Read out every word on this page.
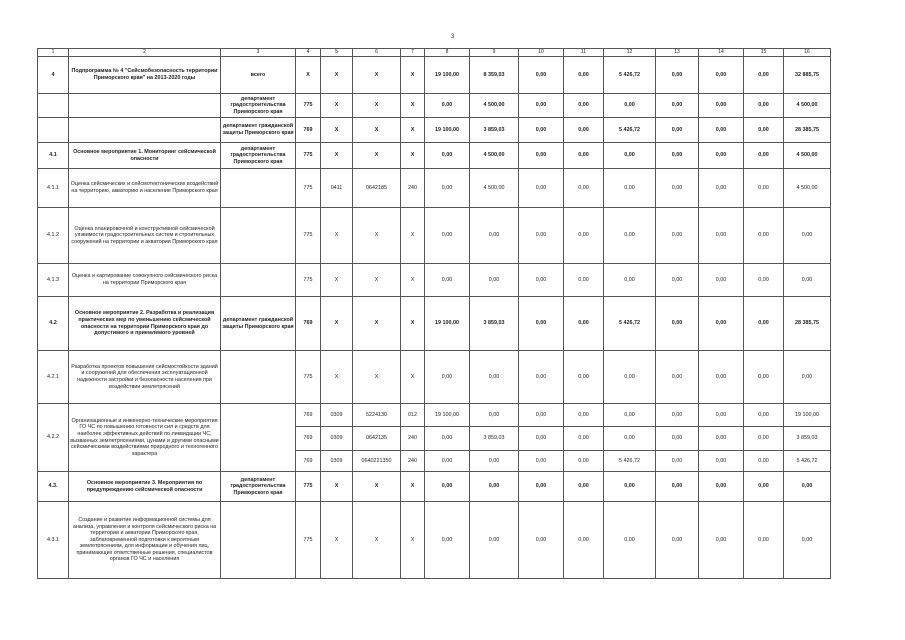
3
1	2	3	4	5	6	7	8	9	10	11	12	13	14	15	16
4	Подпрограмма № 4 "Сейсмобезопасность территории Приморского края" на 2013-2020 годы	всего	X	X	X	X	19 100,00	8 359,03	0,00	0,00	5 426,72	0,00	0,00	0,00	32 885,75
		департамент градостроительства Приморского края	775	X	X	X	0,00	4 500,00	0,00	0,00	0,00	0,00	0,00	0,00	4 500,00
		департамент гражданской защиты Приморского края	769	X	X	X	19 100,00	3 859,03	0,00	0,00	5 426,72	0,00	0,00	0,00	28 385,75
4.1	Основное мероприятие 1. Мониторинг сейсмической опасности	департамент градостроительства Приморского края	775	X	X	X	0,00	4 500,00	0,00	0,00	0,00	0,00	0,00	0,00	4 500,00
4.1.1	Оценка сейсмических и сейсмотектонических воздействий на территорию, акваторию и население Приморского края		775	0411	0642185	240	0,00	4 500,00	0,00	0,00	0,00	0,00	0,00	0,00	4 500,00
4.1.2	Оценка планировочной и конструктивной сейсмической уязвимости градостроительных систем и строительных сооружений на территории и акватории Приморского края		775	X	X	X	0,00	0,00	0,00	0,00	0,00	0,00	0,00	0,00	0,00
4.1.3	Оценка и картирование совокупного сейсмического риска на территории Приморского края		775	X	X	X	0,00	0,00	0,00	0,00	0,00	0,00	0,00	0,00	0,00
4.2	Основное мероприятие 2. Разработка и реализация практических мер по уменьшению сейсмической опасности на территории Приморского края до допустимого и приемлемого уровней	департамент гражданской защиты Приморского края	769	X	X	X	19 100,00	3 859,03	0,00	0,00	5 426,72	0,00	0,00	0,00	28 385,75
4.2.1	Разработка проектов повышения сейсмостойкости зданий и сооружений для обеспечения эксплуатационной надежности застройки и безопасности населения при воздействии землетрясений		775	X	X	X	0,00	0,00	0,00	0,00	0,00	0,00	0,00	0,00	0,00
4.2.2	Организационные и инженерно-технические мероприятия ГО ЧС по повышению готовности сил и средств для наиболее эффективных действий по ликвидации ЧС, вызванных землетрясениями, цунами и другими опасными сейсмическими воздействиями природного и техногенного характера		769	0309	5224130	012	19 100,00	0,00	0,00	0,00	0,00	0,00	0,00	0,00	19 100,00
			769	0309	0642135	240	0,00	3 859,03	0,00	0,00	0,00	0,00	0,00	0,00	3 859,03
			769	0309	0640221350	240	0,00	0,00	0,00	0,00	5 426,72	0,00	0,00	0,00	5 426,72
4.3.	Основное мероприятие 3. Мероприятия по предупреждению сейсмической опасности	департамент градостроительства Приморского края	775	X	X	X	0,00	0,00	0,00	0,00	0,00	0,00	0,00	0,00	0,00
4.3.1	Создание и развитие информационной системы для анализа, управления и контроля сейсмического риска на территории и акватории Приморского края, заблаговременной подготовки к вероятным землетрясениям, для информации и обучения лиц, принимающих ответственные решения, специалистов органов ГО ЧС и населения		775	X	X	X	0,00	0,00	0,00	0,00	0,00	0,00	0,00	0,00	0,00
